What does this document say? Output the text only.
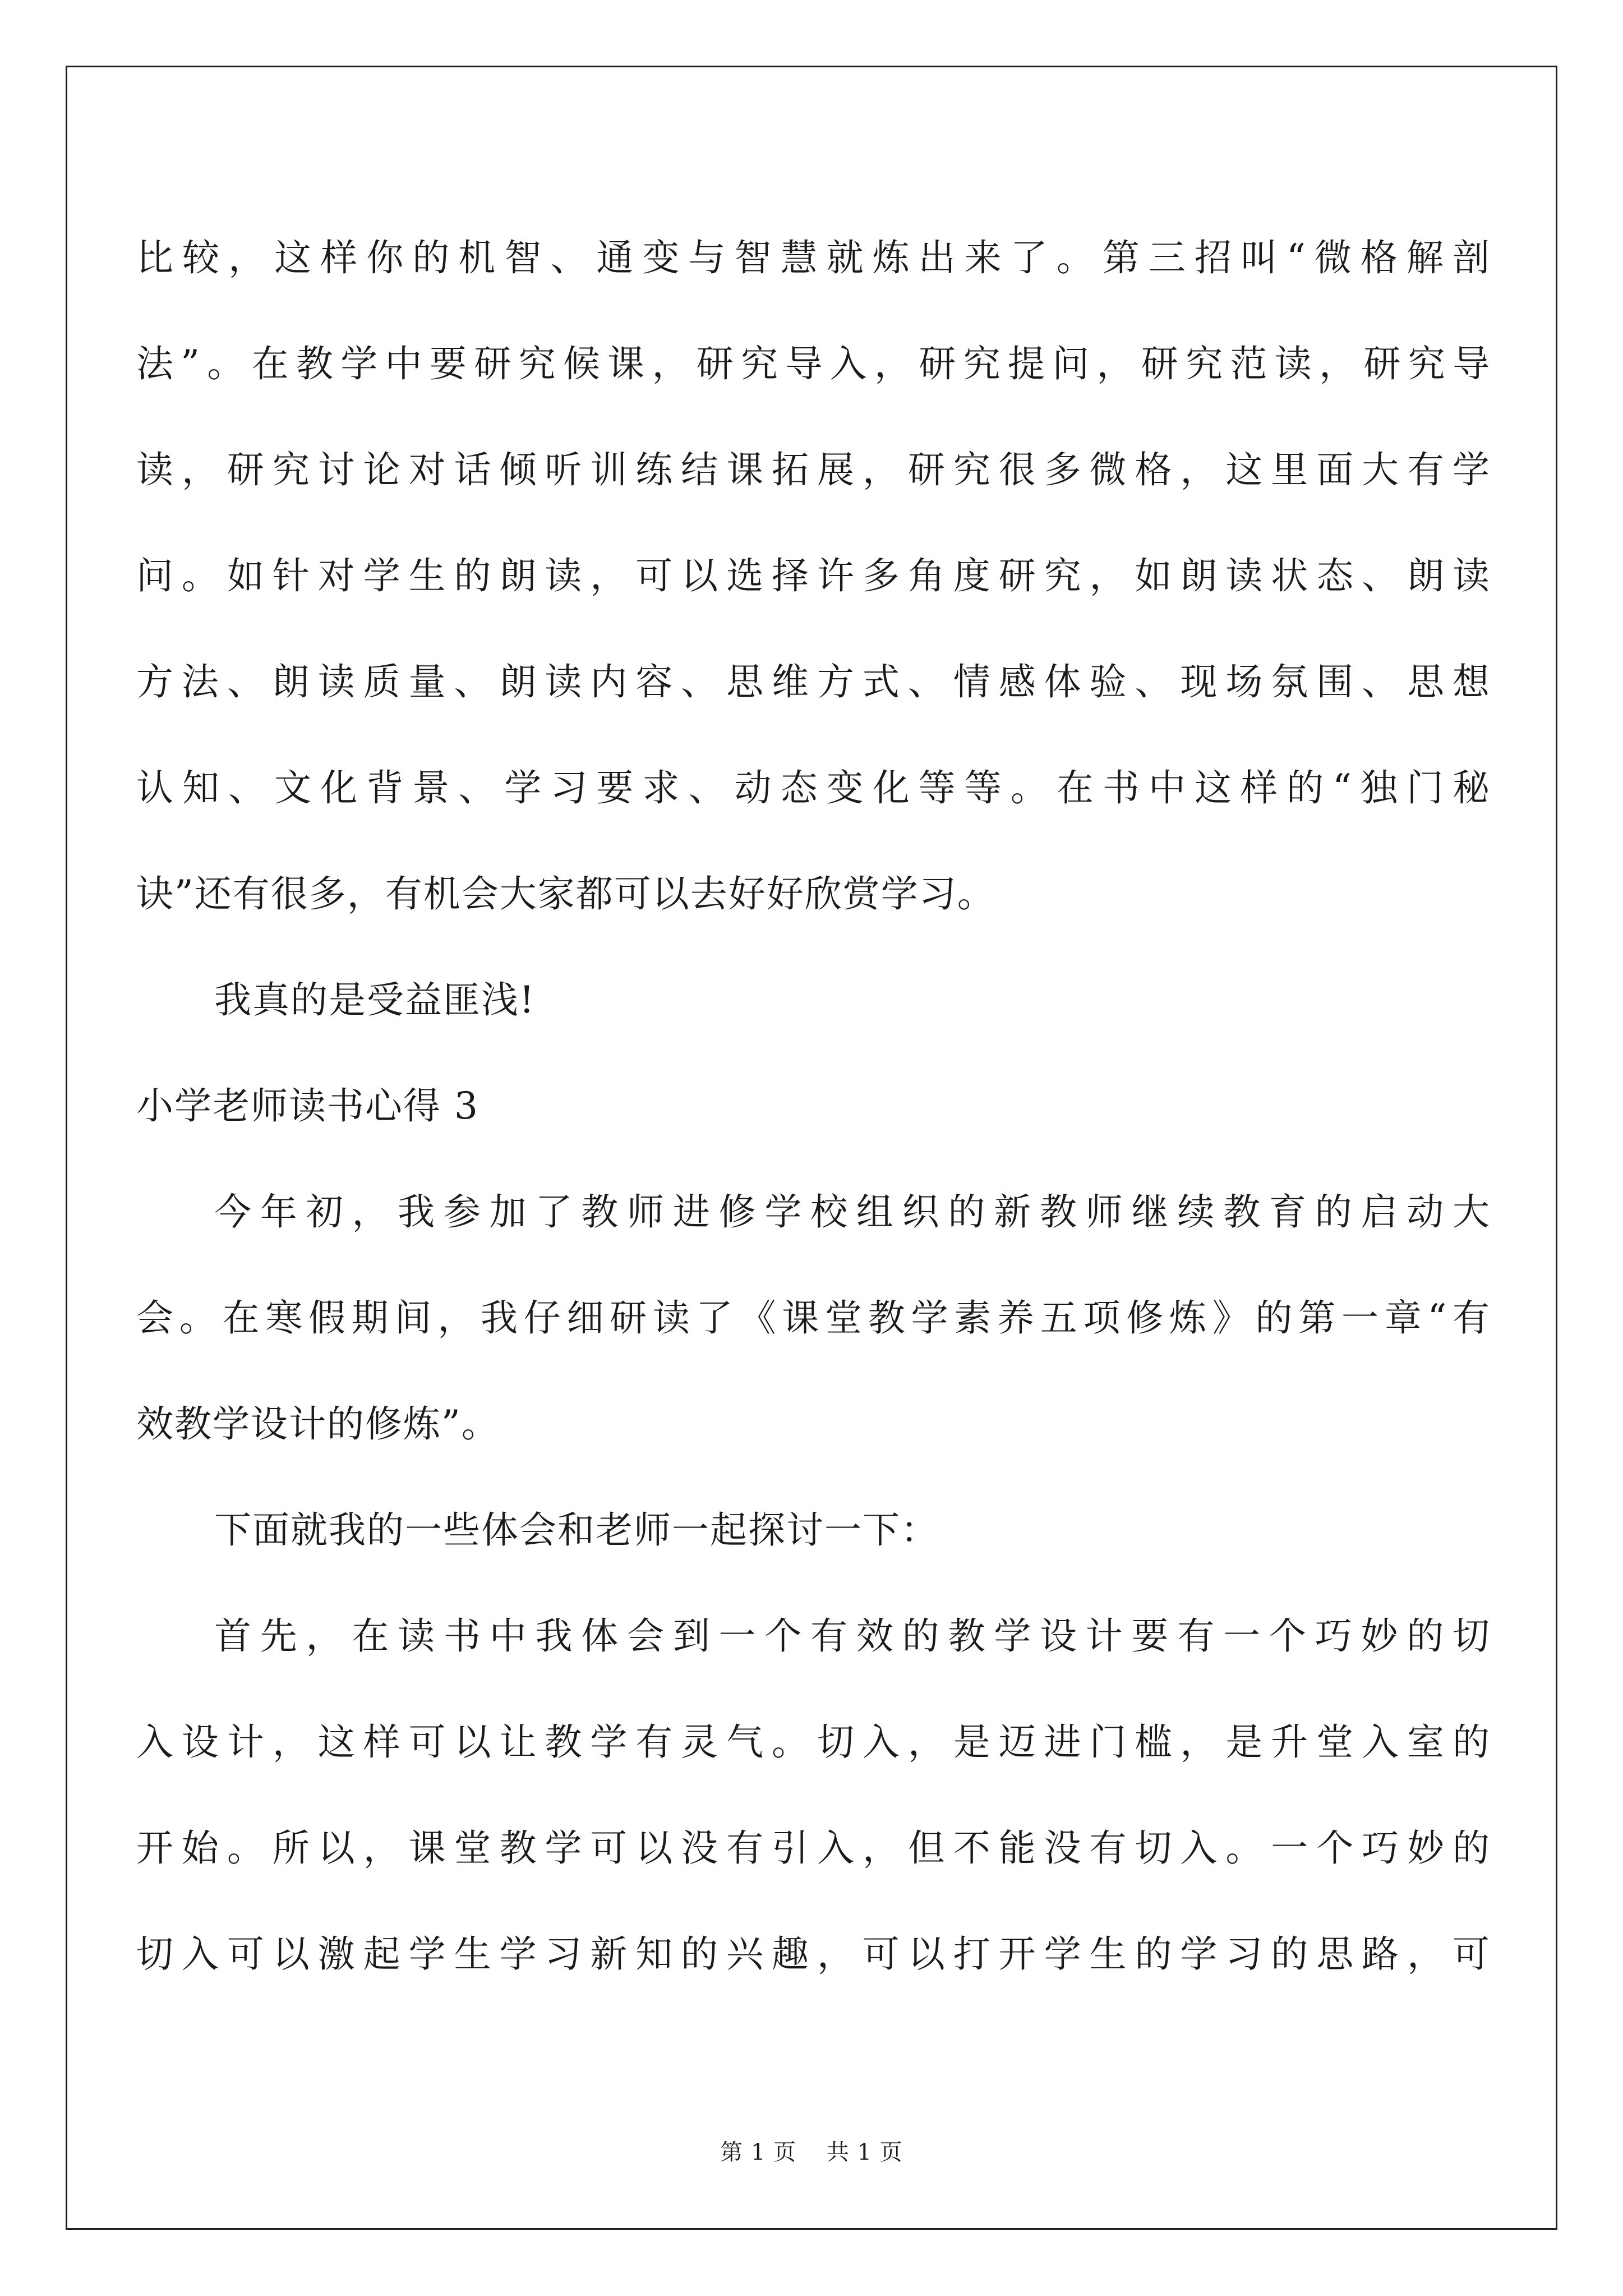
比较，这样你的机智、通变与智慧就炼出来了。第三招叫“微格解剖
法”。在教学中要研究候课，研究导入，研究提问，研究范读，研究导
读，研究讨论对话倾听训练结课拓展，研究很多微格，这里面大有学
问。如针对学生的朗读，可以选择许多角度研究，如朗读状态、朗读
方法、朗读质量、朗读内容、思维方式、情感体验、现场氛围、思想
认知、文化背景、学习要求、动态变化等等。在书中这样的“独门秘
诀”还有很多，有机会大家都可以去好好欣赏学习。
我真的是受益匪浅!
小学老师读书心得 3
今年初，我参加了教师进修学校组织的新教师继续教育的启动大
会。在寒假期间，我仔细研读了《课堂教学素养五项修炼》的第一章“有
效教学设计的修炼”。
下面就我的一些体会和老师一起探讨一下：
首先，在读书中我体会到一个有效的教学设计要有一个巧妙的切
入设计，这样可以让教学有灵气。切入，是迈进门槛，是升堂入室的
开始。所以，课堂教学可以没有引入，但不能没有切入。一个巧妙的
切入可以激起学生学习新知的兴趣，可以打开学生的学习的思路，可
第 1 页 共 1 页
